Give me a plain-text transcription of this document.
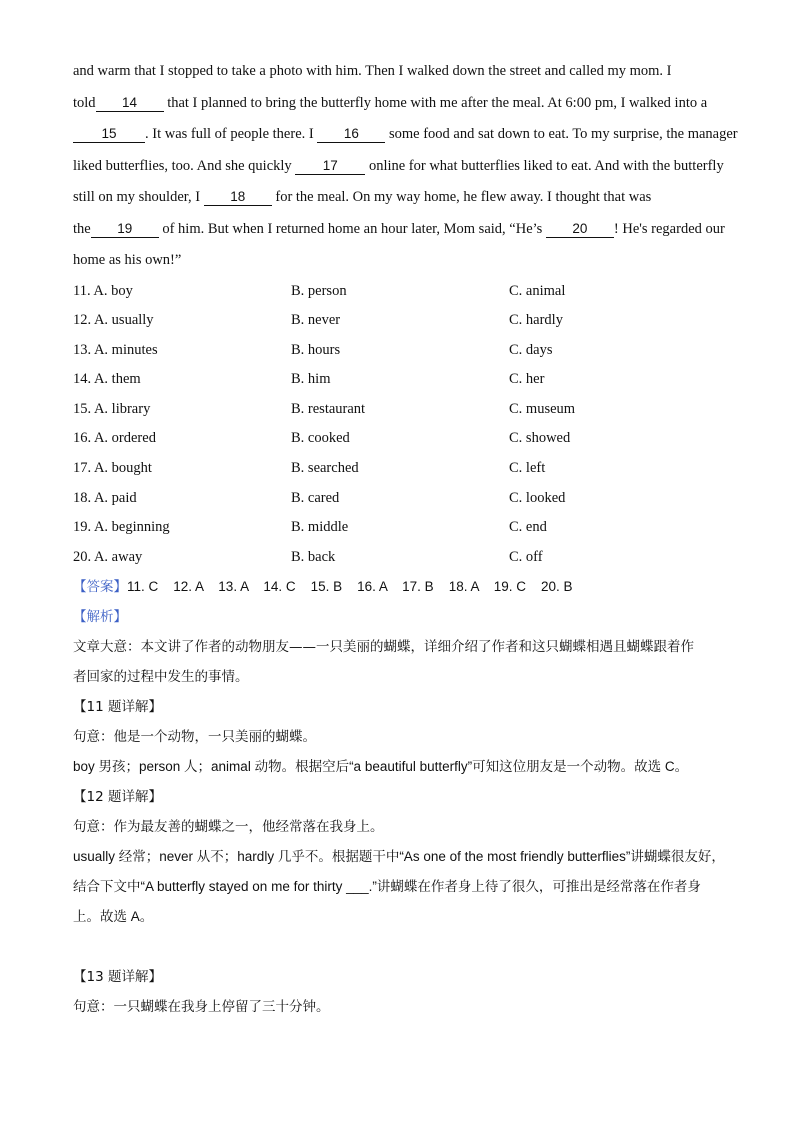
and warm that I stopped to take a photo with him. Then I walked down the street and called my mom. I
told 14 that I planned to bring the butterfly home with me after the meal. At 6:00 pm, I walked into a
15 . It was full of people there. I 16 some food and sat down to eat. To my surprise, the manager
liked butterflies, too. And she quickly 17 online for what butterflies liked to eat. And with the butterfly
still on my shoulder, I 18 for the meal. On my way home, he flew away. I thought that was
the 19 of him. But when I returned home an hour later, Mom said, “He’s 20 ! He's regarded our
home as his own!”
11. A. boy	B. person	C. animal
12. A. usually	B. never	C. hardly
13. A. minutes	B. hours	C. days
14. A. them	B. him	C. her
15. A. library	B. restaurant	C. museum
16. A. ordered	B. cooked	C. showed
17. A. bought	B. searched	C. left
18. A. paid	B. cared	C. looked
19. A. beginning	B. middle	C. end
20. A. away	B. back	C. off
【答案】11. C    12. A    13. A    14. C    15. B    16. A    17. B    18. A    19. C    20. B
【解析】
文章大意：本文讲了作者的动物朋友——一只美丽的蝴蝶，详细介绍了作者和这只蝴蝶相遇且蝴蝶跟着作
者回家的过程中发生的事情。
【11 题详解】
句意：他是一个动物，一只美丽的蝴蝶。
boy 男孩；person 人；animal 动物。根据空后“a beautiful butterfly”可知这位朋友是一个动物。故选 C。
【12 题详解】
句意：作为最友善的蝴蝶之一，他经常落在我身上。
usually 经常；never 从不；hardly 几乎不。根据题干中“As one of the most friendly butterflies”讲蝴蝶很友好，
结合下文中“A butterfly stayed on me for thirty ___.”讲蝴蝶在作者身上待了很久，可推出是经常落在作者身
上。故选 A。
【13 题详解】
句意：一只蝴蝶在我身上停留了三十分钟。
